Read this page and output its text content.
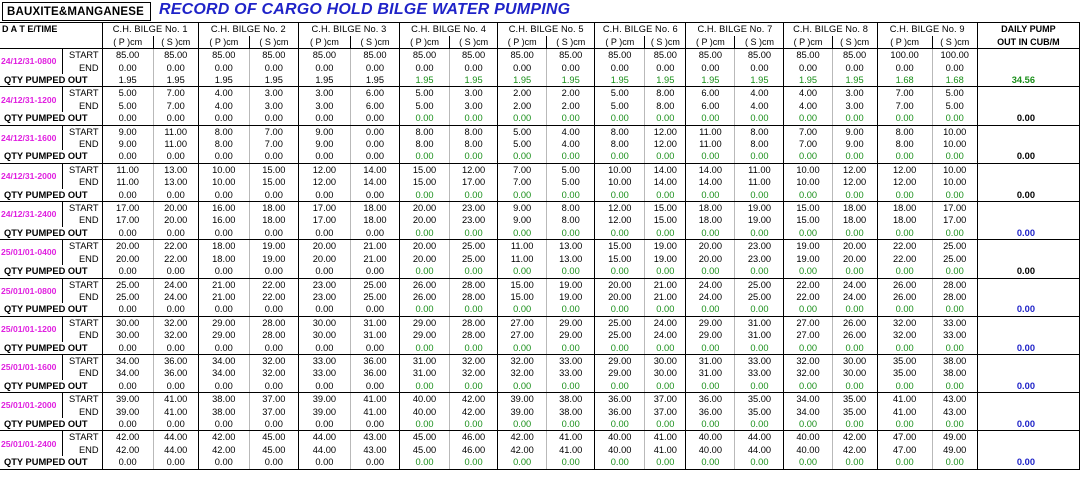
BAUXITE&MANGANESE RECORD OF CARGO HOLD BILGE WATER PUMPING
D A T E/TIME		C.H. BILGE No. 1		C.H. BILGE No. 2		C.H. BILGE No. 3		C.H. BILGE No. 4		C.H. BILGE No. 5		C.H. BILGE No. 6		C.H. BILGE No. 7		C.H. BILGE No. 8		C.H. BILGE No. 9		DAILY PUMP
		( P )cm	( S )cm	( P )cm	( S )cm	( P )cm	( S )cm	( P )cm	( S )cm	( P )cm	( S )cm	( P )cm	( S )cm	( P )cm	( S )cm	( P )cm	( S )cm	( P )cm	( S )cm	OUT IN CUB/M
24/12/31-0800	START	85.00	85.00	85.00	85.00	85.00	85.00	85.00	85.00	85.00	85.00	85.00	85.00	85.00	85.00	85.00	85.00	100.00	100.00	
	END	0.00	0.00	0.00	0.00	0.00	0.00	0.00	0.00	0.00	0.00	0.00	0.00	0.00	0.00	0.00	0.00	0.00	0.00	
QTY PUMPED OUT		1.95	1.95	1.95	1.95	1.95	1.95	1.95	1.95	1.95	1.95	1.95	1.95	1.95	1.95	1.95	1.95	1.68	1.68	34.56
24/12/31-1200	START	5.00	7.00	4.00	3.00	3.00	6.00	5.00	3.00	2.00	2.00	5.00	8.00	6.00	4.00	4.00	3.00	7.00	5.00	
	END	5.00	7.00	4.00	3.00	3.00	6.00	5.00	3.00	2.00	2.00	5.00	8.00	6.00	4.00	4.00	3.00	7.00	5.00	
QTY PUMPED OUT		0.00	0.00	0.00	0.00	0.00	0.00	0.00	0.00	0.00	0.00	0.00	0.00	0.00	0.00	0.00	0.00	0.00	0.00	0.00
24/12/31-1600	START	9.00	11.00	8.00	7.00	9.00	0.00	8.00	8.00	5.00	4.00	8.00	12.00	11.00	8.00	7.00	9.00	8.00	10.00	
	END	9.00	11.00	8.00	7.00	9.00	0.00	8.00	8.00	5.00	4.00	8.00	12.00	11.00	8.00	7.00	9.00	8.00	10.00	
QTY PUMPED OUT		0.00	0.00	0.00	0.00	0.00	0.00	0.00	0.00	0.00	0.00	0.00	0.00	0.00	0.00	0.00	0.00	0.00	0.00	0.00
24/12/31-2000	START	11.00	13.00	10.00	15.00	12.00	14.00	15.00	12.00	7.00	5.00	10.00	14.00	14.00	11.00	10.00	12.00	12.00	10.00	
	END	11.00	13.00	10.00	15.00	12.00	14.00	15.00	17.00	7.00	5.00	10.00	14.00	14.00	11.00	10.00	12.00	12.00	10.00	
QTY PUMPED OUT		0.00	0.00	0.00	0.00	0.00	0.00	0.00	0.00	0.00	0.00	0.00	0.00	0.00	0.00	0.00	0.00	0.00	0.00	0.00
24/12/31-2400	START	17.00	20.00	16.00	18.00	17.00	18.00	20.00	23.00	9.00	8.00	12.00	15.00	18.00	19.00	15.00	18.00	18.00	17.00	
	END	17.00	20.00	16.00	18.00	17.00	18.00	20.00	23.00	9.00	8.00	12.00	15.00	18.00	19.00	15.00	18.00	18.00	17.00	
QTY PUMPED OUT		0.00	0.00	0.00	0.00	0.00	0.00	0.00	0.00	0.00	0.00	0.00	0.00	0.00	0.00	0.00	0.00	0.00	0.00	0.00
25/01/01-0400	START	20.00	22.00	18.00	19.00	20.00	21.00	20.00	25.00	11.00	13.00	15.00	19.00	20.00	23.00	19.00	20.00	22.00	25.00	
	END	20.00	22.00	18.00	19.00	20.00	21.00	20.00	25.00	11.00	13.00	15.00	19.00	20.00	23.00	19.00	20.00	22.00	25.00	
QTY PUMPED OUT		0.00	0.00	0.00	0.00	0.00	0.00	0.00	0.00	0.00	0.00	0.00	0.00	0.00	0.00	0.00	0.00	0.00	0.00	0.00
25/01/01-0800	START	25.00	24.00	21.00	22.00	23.00	25.00	26.00	28.00	15.00	19.00	20.00	21.00	24.00	25.00	22.00	24.00	26.00	28.00	
	END	25.00	24.00	21.00	22.00	23.00	25.00	26.00	28.00	15.00	19.00	20.00	21.00	24.00	25.00	22.00	24.00	26.00	28.00	
QTY PUMPED OUT		0.00	0.00	0.00	0.00	0.00	0.00	0.00	0.00	0.00	0.00	0.00	0.00	0.00	0.00	0.00	0.00	0.00	0.00	0.00
25/01/01-1200	START	30.00	32.00	29.00	28.00	30.00	31.00	29.00	28.00	27.00	29.00	25.00	24.00	29.00	31.00	27.00	26.00	32.00	33.00	
	END	30.00	32.00	29.00	28.00	30.00	31.00	29.00	28.00	27.00	29.00	25.00	24.00	29.00	31.00	27.00	26.00	32.00	33.00	
QTY PUMPED OUT		0.00	0.00	0.00	0.00	0.00	0.00	0.00	0.00	0.00	0.00	0.00	0.00	0.00	0.00	0.00	0.00	0.00	0.00	0.00
25/01/01-1600	START	34.00	36.00	34.00	32.00	33.00	36.00	31.00	32.00	32.00	33.00	29.00	30.00	31.00	33.00	32.00	30.00	35.00	38.00	
	END	34.00	36.00	34.00	32.00	33.00	36.00	31.00	32.00	32.00	33.00	29.00	30.00	31.00	33.00	32.00	30.00	35.00	38.00	
QTY PUMPED OUT		0.00	0.00	0.00	0.00	0.00	0.00	0.00	0.00	0.00	0.00	0.00	0.00	0.00	0.00	0.00	0.00	0.00	0.00	0.00
25/01/01-2000	START	39.00	41.00	38.00	37.00	39.00	41.00	40.00	42.00	39.00	38.00	36.00	37.00	36.00	35.00	34.00	35.00	41.00	43.00	
	END	39.00	41.00	38.00	37.00	39.00	41.00	40.00	42.00	39.00	38.00	36.00	37.00	36.00	35.00	34.00	35.00	41.00	43.00	
QTY PUMPED OUT		0.00	0.00	0.00	0.00	0.00	0.00	0.00	0.00	0.00	0.00	0.00	0.00	0.00	0.00	0.00	0.00	0.00	0.00	0.00
25/01/01-2400	START	42.00	44.00	42.00	45.00	44.00	43.00	45.00	46.00	42.00	41.00	40.00	41.00	40.00	44.00	40.00	42.00	47.00	49.00	
	END	42.00	44.00	42.00	45.00	44.00	43.00	45.00	46.00	42.00	41.00	40.00	41.00	40.00	44.00	40.00	42.00	47.00	49.00	
QTY PUMPED OUT		0.00	0.00	0.00	0.00	0.00	0.00	0.00	0.00	0.00	0.00	0.00	0.00	0.00	0.00	0.00	0.00	0.00	0.00	0.00
